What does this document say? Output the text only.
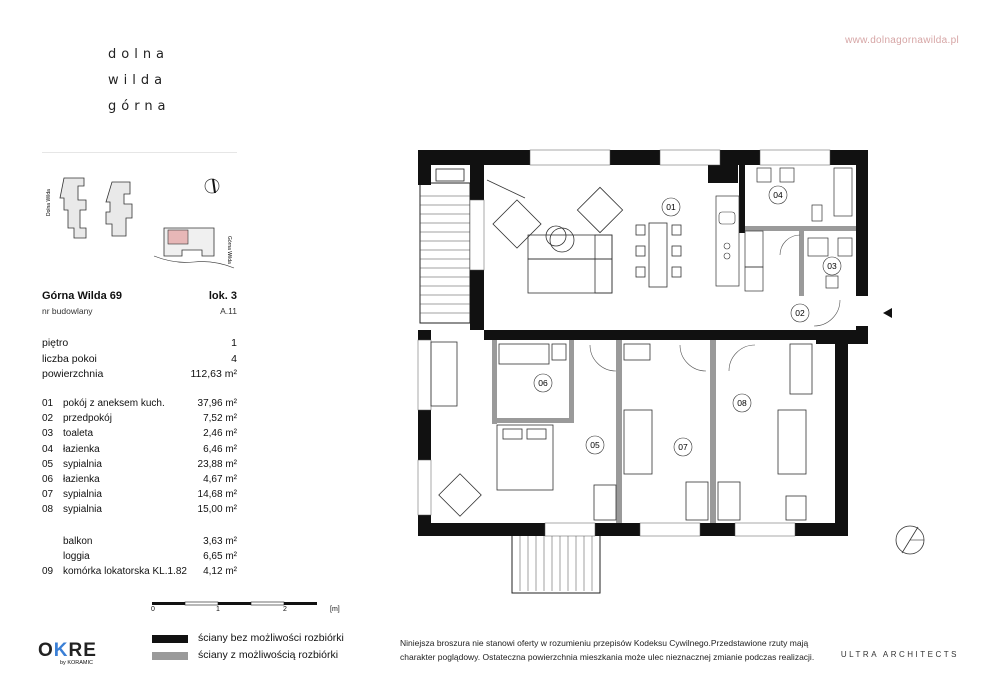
dolna
wilda
górna
www.dolnagornawilda.pl
Dolna Wilda
Górna Wilda
Górna Wilda 69	lok. 3
nr budowlany	A.11
piętro	1
liczba pokoi	4
powierzchnia	112,63 m²
01 pokój z aneksem kuch.	37,96 m²
02 przedpokój	7,52 m²
03 toaleta	2,46 m²
04 łazienka	6,46 m²
05 sypialnia	23,88 m²
06 łazienka	4,67 m²
07 sypialnia	14,68 m²
08 sypialnia	15,00 m²
balkon	3,63 m²
loggia	6,65 m²
09 komórka lokatorska KL.1.82 4,12 m²
0	1	2	[m]
ściany bez możliwości rozbiórki
ściany z możliwością rozbiórki
OKRE
by KORAMIC
Niniejsza broszura nie stanowi oferty w rozumieniu przepisów Kodeksu Cywilnego.Przedstawione rzuty mają
charakter poglądowy. Ostateczna powierzchnia mieszkania może ulec nieznacznej zmianie podczas realizacji.	ULTRA ARCHITECTS
01
02
03
04
05
06
07
08
